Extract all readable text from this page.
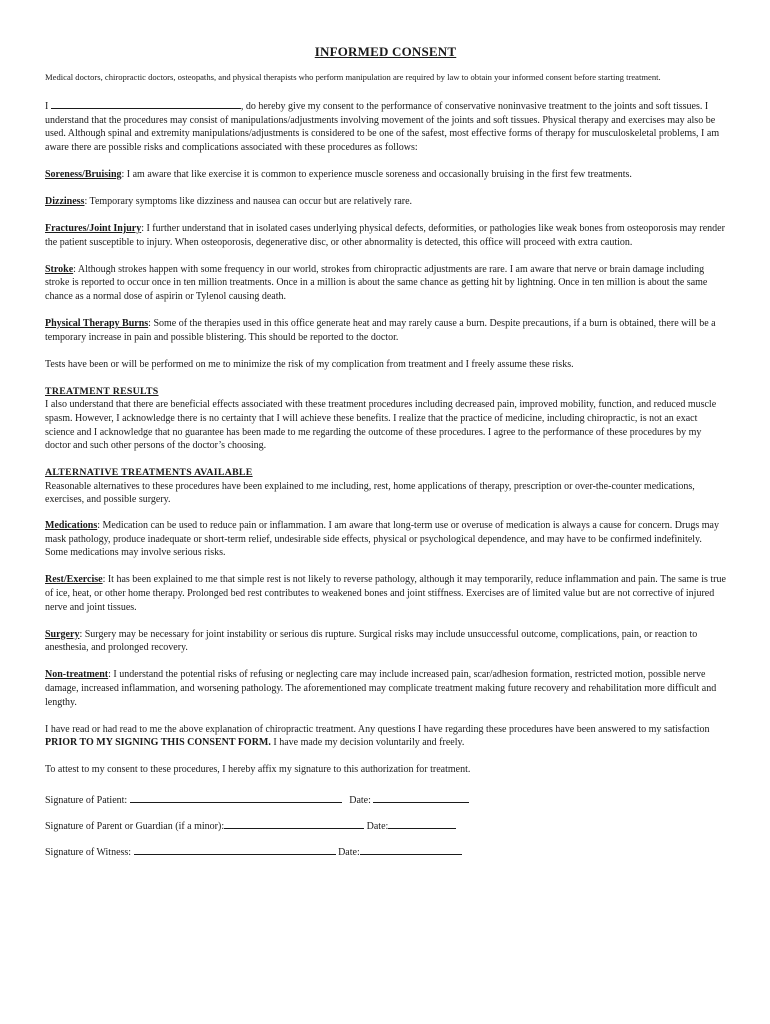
INFORMED CONSENT
Medical doctors, chiropractic doctors, osteopaths, and physical therapists who perform manipulation are required by law to obtain your informed consent before starting treatment.

I	, do hereby give my consent to the performance of conservative noninvasive treatment to the joints and soft tissues. I understand that the procedures may consist of manipulations/adjustments involving movement of the joints and soft tissues. Physical therapy and exercises may also be used. Although spinal and extremity manipulations/adjustments is considered to be one of the safest, most effective forms of therapy for musculoskeletal problems, I am aware there are possible risks and complications associated with these procedures as follows:

Soreness/Bruising: I am aware that like exercise it is common to experience muscle soreness and occasionally bruising in the first few treatments.

Dizziness: Temporary symptoms like dizziness and nausea can occur but are relatively rare.

Fractures/Joint Injury: I further understand that in isolated cases underlying physical defects, deformities, or pathologies like weak bones from osteoporosis may render the patient susceptible to injury. When osteoporosis, degenerative disc, or other abnormality is detected, this office will proceed with extra caution.

Stroke: Although strokes happen with some frequency in our world, strokes from chiropractic adjustments are rare. I am aware that nerve or brain damage including stroke is reported to occur once in ten million treatments. Once in a million is about the same chance as getting hit by lightning. Once in ten million is about the same chance as a normal dose of aspirin or Tylenol causing death.

Physical Therapy Burns: Some of the therapies used in this office generate heat and may rarely cause a burn. Despite precautions, if a burn is obtained, there will be a temporary increase in pain and possible blistering. This should be reported to the doctor.

Tests have been or will be performed on me to minimize the risk of my complication from treatment and I freely assume these risks.

TREATMENT RESULTS
I also understand that there are beneficial effects associated with these treatment procedures including decreased pain, improved mobility, function, and reduced muscle spasm. However, I acknowledge there is no certainty that I will achieve these benefits. I realize that the practice of medicine, including chiropractic, is not an exact science and I acknowledge that no guarantee has been made to me regarding the outcome of these procedures. I agree to the performance of these procedures by my doctor and such other persons of the doctor’s choosing.
ALTERNATIVE TREATMENTS AVAILABLE
Reasonable alternatives to these procedures have been explained to me including, rest, home applications of therapy, prescription or over-the-counter medications, exercises, and possible surgery.

Medications: Medication can be used to reduce pain or inflammation. I am aware that long-term use or overuse of medication is always a cause for concern. Drugs may mask pathology, produce inadequate or short-term relief, undesirable side effects, physical or psychological dependence, and may have to be confirmed indefinitely. Some medications may involve serious risks.

Rest/Exercise: It has been explained to me that simple rest is not likely to reverse pathology, although it may temporarily, reduce inflammation and pain. The same is true of ice, heat, or other home therapy. Prolonged bed rest contributes to weakened bones and joint stiffness. Exercises are of limited value but are not corrective of injured nerve and joint tissues.

Surgery: Surgery may be necessary for joint instability or serious dis rupture. Surgical risks may include unsuccessful outcome, complications, pain, or reaction to anesthesia, and prolonged recovery.

Non-treatment: I understand the potential risks of refusing or neglecting care may include increased pain, scar/adhesion formation, restricted motion, possible nerve damage, increased inflammation, and worsening pathology. The aforementioned may complicate treatment making future recovery and rehabilitation more difficult and lengthy.

I have read or had read to me the above explanation of chiropractic treatment. Any questions I have regarding these procedures have been answered to my satisfaction PRIOR TO MY SIGNING THIS CONSENT FORM. I have made my decision voluntarily and freely.

To attest to my consent to these procedures, I hereby affix my signature to this authorization for treatment.

Signature of Patient:	Date:
Signature of Parent or Guardian (if a minor):	Date:
Signature of Witness:	Date:
